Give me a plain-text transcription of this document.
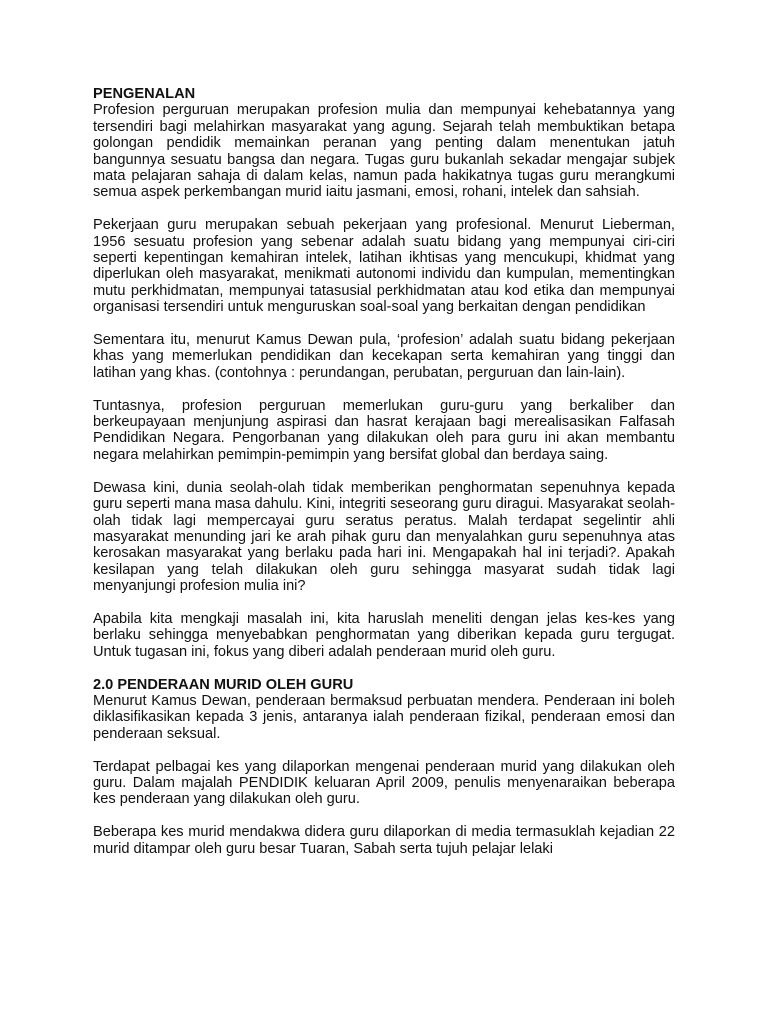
PENGENALAN

Profesion perguruan merupakan profesion mulia dan mempunyai kehebatannya yang tersendiri bagi melahirkan masyarakat yang agung. Sejarah telah membuktikan betapa golongan pendidik memainkan peranan yang penting dalam menentukan jatuh bangunnya sesuatu bangsa dan negara. Tugas guru bukanlah sekadar mengajar subjek mata pelajaran sahaja di dalam kelas, namun pada hakikatnya tugas guru merangkumi semua aspek perkembangan murid iaitu jasmani, emosi, rohani, intelek dan sahsiah.

Pekerjaan guru merupakan sebuah pekerjaan yang profesional. Menurut Lieberman, 1956 sesuatu profesion yang sebenar adalah suatu bidang yang mempunyai ciri-ciri seperti kepentingan kemahiran intelek, latihan ikhtisas yang mencukupi, khidmat yang diperlukan oleh masyarakat, menikmati autonomi individu dan kumpulan, mementingkan mutu perkhidmatan, mempunyai tatasusial perkhidmatan atau kod etika dan mempunyai organisasi tersendiri untuk menguruskan soal-soal yang berkaitan dengan pendidikan

Sementara itu, menurut Kamus Dewan pula, ‘profesion’ adalah suatu bidang pekerjaan khas yang memerlukan pendidikan dan kecekapan serta kemahiran yang tinggi dan latihan yang khas. (contohnya : perundangan, perubatan, perguruan dan lain-lain).

Tuntasnya, profesion perguruan memerlukan guru-guru yang berkaliber dan berkeupayaan menjunjung aspirasi dan hasrat kerajaan bagi merealisasikan Falfasah Pendidikan Negara. Pengorbanan yang dilakukan oleh para guru ini akan membantu negara melahirkan pemimpin-pemimpin yang bersifat global dan berdaya saing.

Dewasa kini, dunia seolah-olah tidak memberikan penghormatan sepenuhnya kepada guru seperti mana masa dahulu. Kini, integriti seseorang guru diragui. Masyarakat seolah-olah tidak lagi mempercayai guru seratus peratus. Malah terdapat segelintir ahli masyarakat menunding jari ke arah pihak guru dan menyalahkan guru sepenuhnya atas kerosakan masyarakat yang berlaku pada hari ini. Mengapakah hal ini terjadi?. Apakah kesilapan yang telah dilakukan oleh guru sehingga masyarat sudah tidak lagi menyanjungi profesion mulia ini?

Apabila kita mengkaji masalah ini, kita haruslah meneliti dengan jelas kes-kes yang berlaku sehingga menyebabkan penghormatan yang diberikan kepada guru tergugat. Untuk tugasan ini, fokus yang diberi adalah penderaan murid oleh guru.

2.0 PENDERAAN MURID OLEH GURU

Menurut Kamus Dewan, penderaan bermaksud perbuatan mendera. Penderaan ini boleh diklasifikasikan kepada 3 jenis, antaranya ialah penderaan fizikal, penderaan emosi dan penderaan seksual.

Terdapat pelbagai kes yang dilaporkan mengenai penderaan murid yang dilakukan oleh guru. Dalam majalah PENDIDIK keluaran April 2009, penulis menyenaraikan beberapa kes penderaan yang dilakukan oleh guru.

Beberapa kes murid mendakwa didera guru dilaporkan di media termasuklah kejadian 22 murid ditampar oleh guru besar Tuaran, Sabah serta tujuh pelajar lelaki
